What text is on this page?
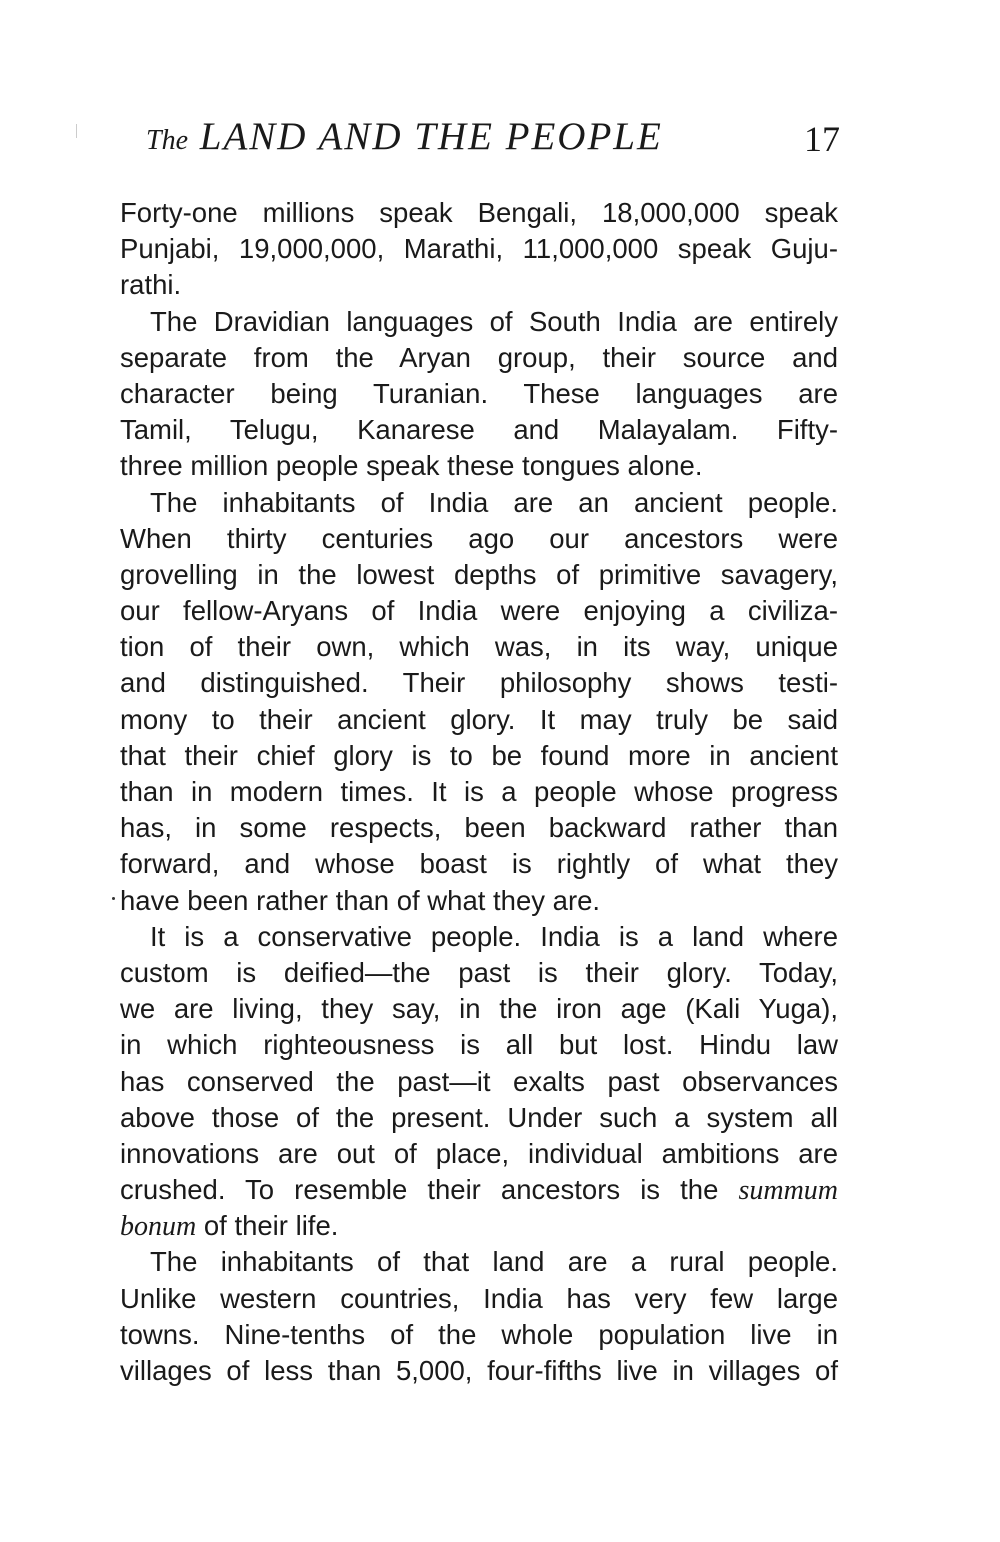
The LAND AND THE PEOPLE	17
Forty-one millions speak Bengali, 18,000,000 speak
Punjabi, 19,000,000, Marathi, 11,000,000 speak Guju-
rathi.
The Dravidian languages of South India are entirely
separate from the Aryan group, their source and
character being Turanian. These languages are
Tamil, Telugu, Kanarese and Malayalam. Fifty-
three million people speak these tongues alone.
The inhabitants of India are an ancient people.
When thirty centuries ago our ancestors were
grovelling in the lowest depths of primitive savagery,
our fellow-Aryans of India were enjoying a civiliza-
tion of their own, which was, in its way, unique
and distinguished. Their philosophy shows testi-
mony to their ancient glory. It may truly be said
that their chief glory is to be found more in ancient
than in modern times. It is a people whose progress
has, in some respects, been backward rather than
forward, and whose boast is rightly of what they
have been rather than of what they are.
It is a conservative people. India is a land where
custom is deified—the past is their glory. Today,
we are living, they say, in the iron age (Kali Yuga),
in which righteousness is all but lost. Hindu law
has conserved the past—it exalts past observances
above those of the present. Under such a system all
innovations are out of place, individual ambitions are
crushed. To resemble their ancestors is the summum
bonum of their life.
The inhabitants of that land are a rural people.
Unlike western countries, India has very few large
towns. Nine-tenths of the whole population live in
villages of less than 5,000, four-fifths live in villages of
